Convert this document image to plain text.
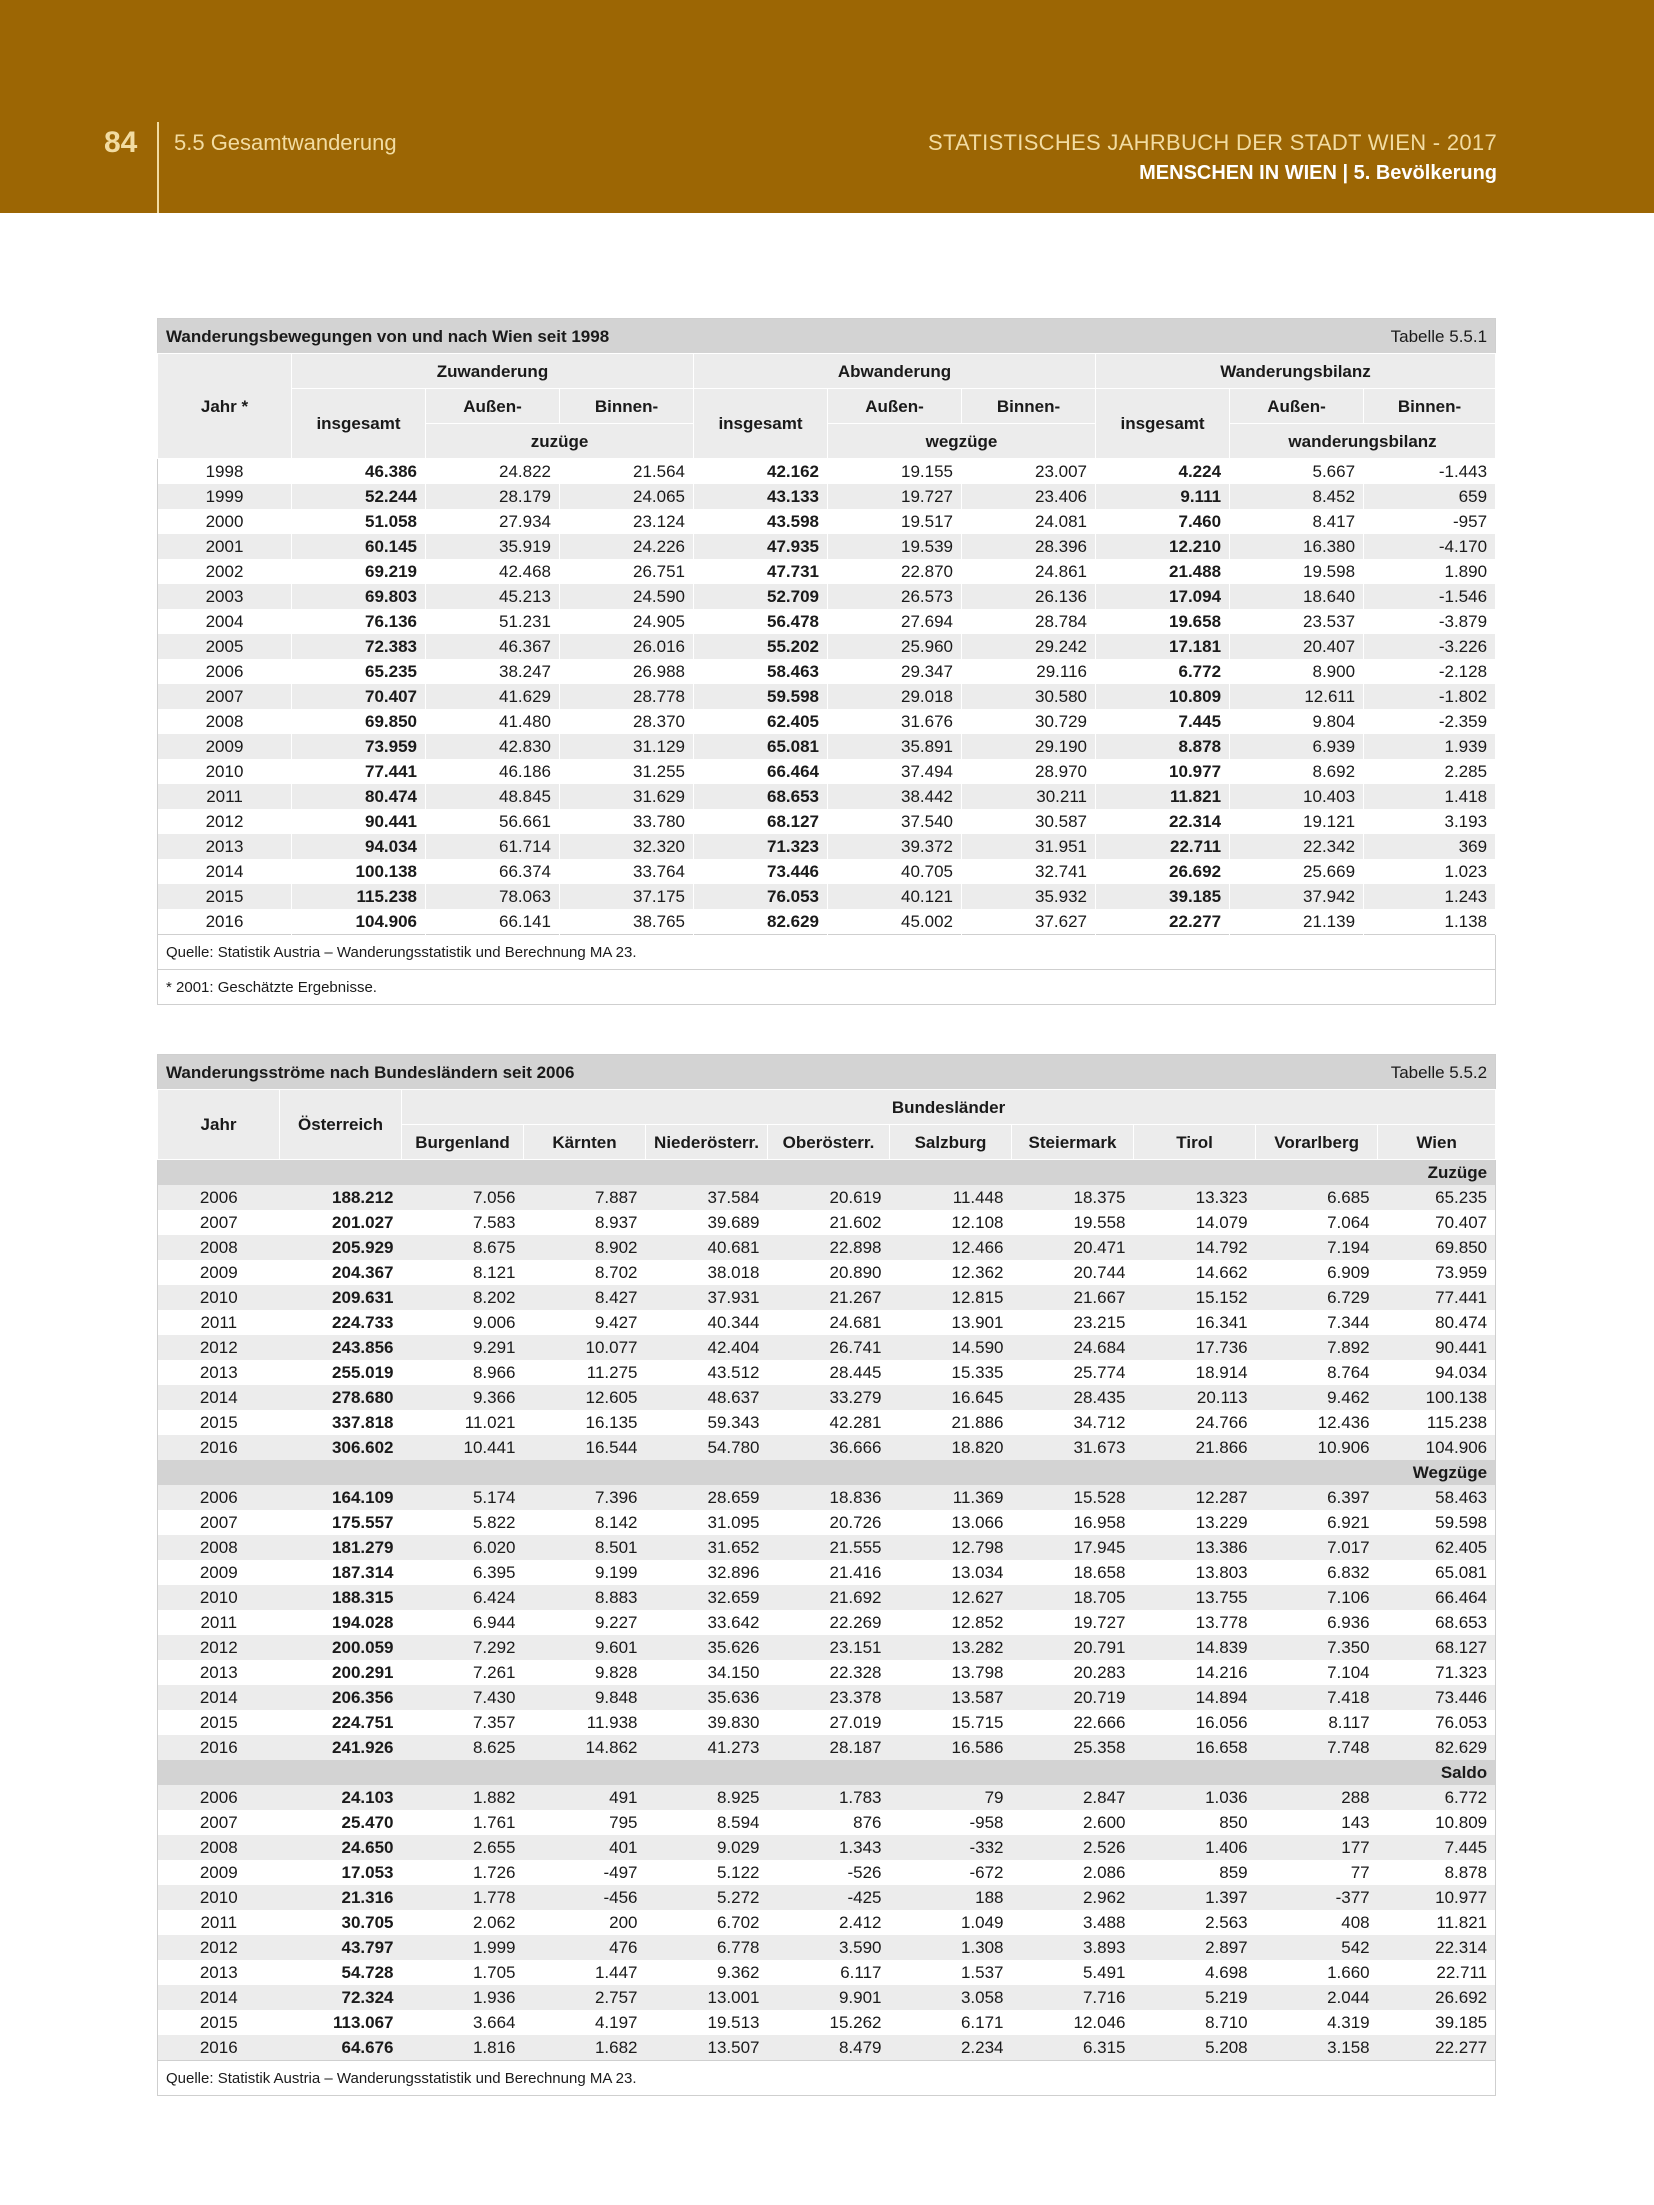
84 5.5 Gesamtwanderung	STATISTISCHES JAHRBUCH DER STADT WIEN - 2017
MENSCHEN IN WIEN | 5. Bevölkerung
Wanderungsbewegungen von und nach Wien seit 1998								Tabelle 5.5.1	
Jahr *	Zuwanderung			Abwanderung			Wanderungsbilanz		
	insgesamt	Außen-	Binnen-	insgesamt	Außen-	Binnen-	insgesamt	Außen-	Binnen-
		zuzüge			wegzüge			wanderungsbilanz	
1998	46.386	24.822	21.564	42.162	19.155	23.007	4.224	5.667	-1.443
1999	52.244	28.179	24.065	43.133	19.727	23.406	9.111	8.452	659
2000	51.058	27.934	23.124	43.598	19.517	24.081	7.460	8.417	-957
2001	60.145	35.919	24.226	47.935	19.539	28.396	12.210	16.380	-4.170
2002	69.219	42.468	26.751	47.731	22.870	24.861	21.488	19.598	1.890
2003	69.803	45.213	24.590	52.709	26.573	26.136	17.094	18.640	-1.546
2004	76.136	51.231	24.905	56.478	27.694	28.784	19.658	23.537	-3.879
2005	72.383	46.367	26.016	55.202	25.960	29.242	17.181	20.407	-3.226
2006	65.235	38.247	26.988	58.463	29.347	29.116	6.772	8.900	-2.128
2007	70.407	41.629	28.778	59.598	29.018	30.580	10.809	12.611	-1.802
2008	69.850	41.480	28.370	62.405	31.676	30.729	7.445	9.804	-2.359
2009	73.959	42.830	31.129	65.081	35.891	29.190	8.878	6.939	1.939
2010	77.441	46.186	31.255	66.464	37.494	28.970	10.977	8.692	2.285
2011	80.474	48.845	31.629	68.653	38.442	30.211	11.821	10.403	1.418
2012	90.441	56.661	33.780	68.127	37.540	30.587	22.314	19.121	3.193
2013	94.034	61.714	32.320	71.323	39.372	31.951	22.711	22.342	369
2014	100.138	66.374	33.764	73.446	40.705	32.741	26.692	25.669	1.023
2015	115.238	78.063	37.175	76.053	40.121	35.932	39.185	37.942	1.243
2016	104.906	66.141	38.765	82.629	45.002	37.627	22.277	21.139	1.138
Quelle: Statistik Austria – Wanderungsstatistik und Berechnung MA 23.									
* 2001: Geschätzte Ergebnisse.									
Wanderungsströme nach Bundesländern seit 2006									Tabelle 5.5.2	
Jahr	Österreich	Bundesländer								
		Burgenland	Kärnten	Niederösterr.	Oberösterr.	Salzburg	Steiermark	Tirol	Vorarlberg	Wien
Zuzüge										
2006	188.212	7.056	7.887	37.584	20.619	11.448	18.375	13.323	6.685	65.235
2007	201.027	7.583	8.937	39.689	21.602	12.108	19.558	14.079	7.064	70.407
2008	205.929	8.675	8.902	40.681	22.898	12.466	20.471	14.792	7.194	69.850
2009	204.367	8.121	8.702	38.018	20.890	12.362	20.744	14.662	6.909	73.959
2010	209.631	8.202	8.427	37.931	21.267	12.815	21.667	15.152	6.729	77.441
2011	224.733	9.006	9.427	40.344	24.681	13.901	23.215	16.341	7.344	80.474
2012	243.856	9.291	10.077	42.404	26.741	14.590	24.684	17.736	7.892	90.441
2013	255.019	8.966	11.275	43.512	28.445	15.335	25.774	18.914	8.764	94.034
2014	278.680	9.366	12.605	48.637	33.279	16.645	28.435	20.113	9.462	100.138
2015	337.818	11.021	16.135	59.343	42.281	21.886	34.712	24.766	12.436	115.238
2016	306.602	10.441	16.544	54.780	36.666	18.820	31.673	21.866	10.906	104.906
Wegzüge										
2006	164.109	5.174	7.396	28.659	18.836	11.369	15.528	12.287	6.397	58.463
2007	175.557	5.822	8.142	31.095	20.726	13.066	16.958	13.229	6.921	59.598
2008	181.279	6.020	8.501	31.652	21.555	12.798	17.945	13.386	7.017	62.405
2009	187.314	6.395	9.199	32.896	21.416	13.034	18.658	13.803	6.832	65.081
2010	188.315	6.424	8.883	32.659	21.692	12.627	18.705	13.755	7.106	66.464
2011	194.028	6.944	9.227	33.642	22.269	12.852	19.727	13.778	6.936	68.653
2012	200.059	7.292	9.601	35.626	23.151	13.282	20.791	14.839	7.350	68.127
2013	200.291	7.261	9.828	34.150	22.328	13.798	20.283	14.216	7.104	71.323
2014	206.356	7.430	9.848	35.636	23.378	13.587	20.719	14.894	7.418	73.446
2015	224.751	7.357	11.938	39.830	27.019	15.715	22.666	16.056	8.117	76.053
2016	241.926	8.625	14.862	41.273	28.187	16.586	25.358	16.658	7.748	82.629
Saldo										
2006	24.103	1.882	491	8.925	1.783	79	2.847	1.036	288	6.772
2007	25.470	1.761	795	8.594	876	-958	2.600	850	143	10.809
2008	24.650	2.655	401	9.029	1.343	-332	2.526	1.406	177	7.445
2009	17.053	1.726	-497	5.122	-526	-672	2.086	859	77	8.878
2010	21.316	1.778	-456	5.272	-425	188	2.962	1.397	-377	10.977
2011	30.705	2.062	200	6.702	2.412	1.049	3.488	2.563	408	11.821
2012	43.797	1.999	476	6.778	3.590	1.308	3.893	2.897	542	22.314
2013	54.728	1.705	1.447	9.362	6.117	1.537	5.491	4.698	1.660	22.711
2014	72.324	1.936	2.757	13.001	9.901	3.058	7.716	5.219	2.044	26.692
2015	113.067	3.664	4.197	19.513	15.262	6.171	12.046	8.710	4.319	39.185
2016	64.676	1.816	1.682	13.507	8.479	2.234	6.315	5.208	3.158	22.277
Quelle: Statistik Austria – Wanderungsstatistik und Berechnung MA 23.										
